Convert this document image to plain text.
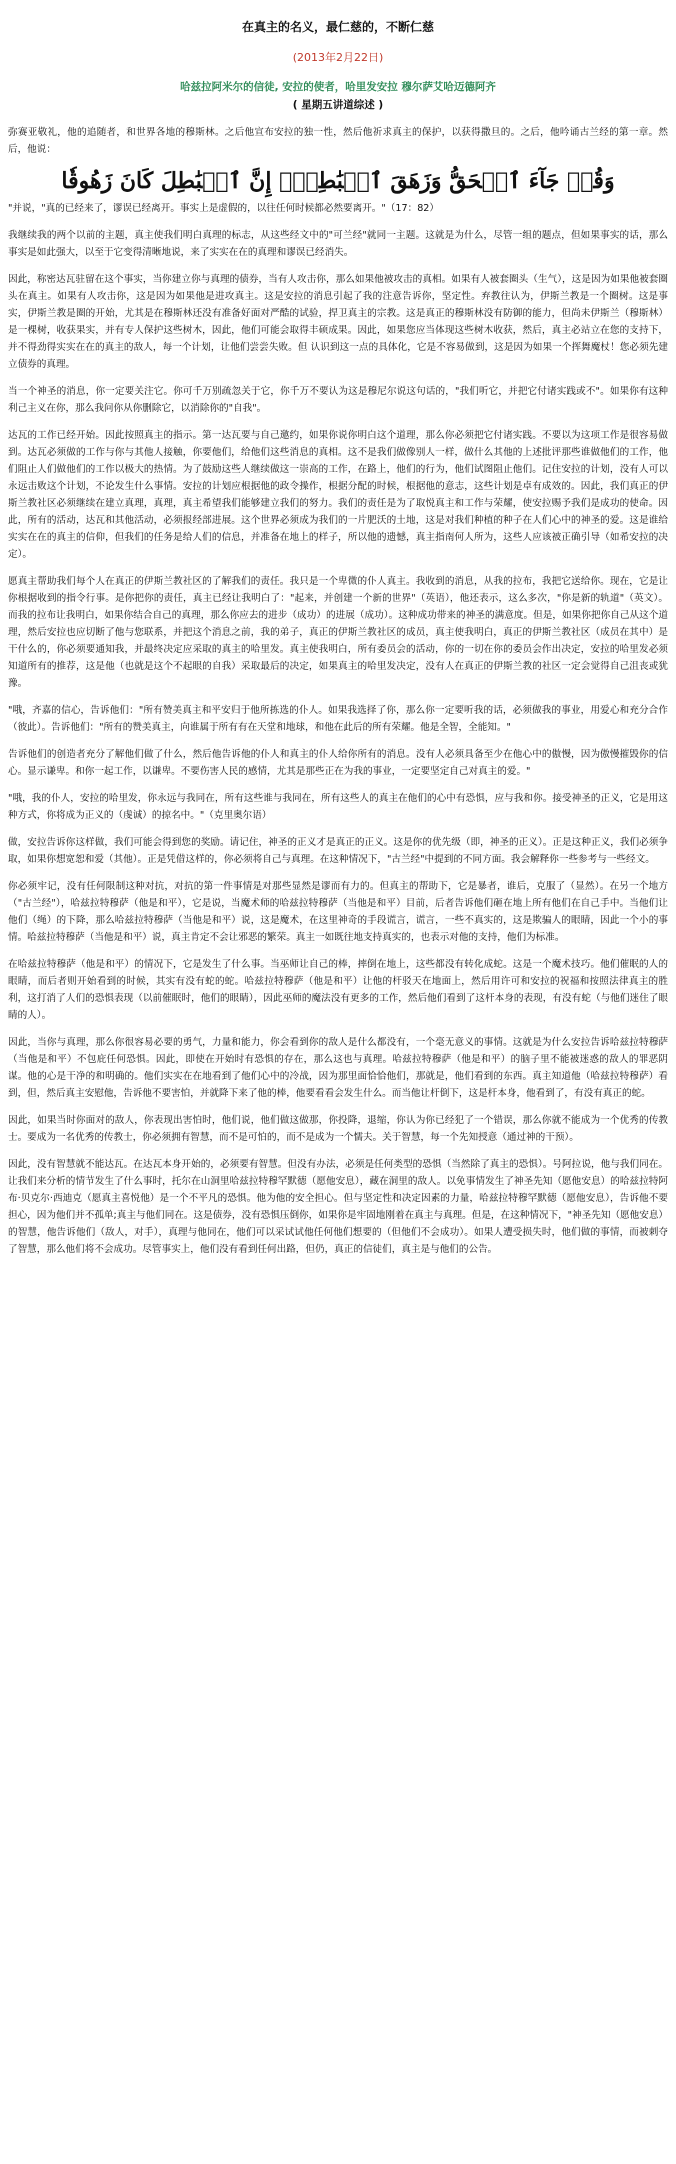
在真主的名义，最仁慈的，不断仁慈
(2013年2月22日)
哈兹拉阿米尔的信徒, 安拉的使者，哈里发安拉 穆尔萨艾哈迈德阿齐
( 星期五讲道综述 )

弥赛亚敬礼，他的追随者，和世界各地的穆斯林。之后他宣布安拉的独一性，然后他祈求真主的保护，以获得撒旦的。之后，他吟诵古兰经的第一章。然后，他说：

وَقُلۡ جَآءَ ٱلۡحَقُّ وَزَهَقَ ٱلۡبَٰطِلُۚ إِنَّ ٱلۡبَٰطِلَ كَانَ زَهُوقٗا

"并说，"真的已经来了，谬误已经离开。事实上是虚假的，以往任何时候都必然要离开。"（17：82）

我继续我的两个以前的主题，真主使我们明白真理的标志，从这些经文中的"可兰经"就同一主题。这就是为什么，尽管一组的题点，但如果事实的话，那么事实是如此强大，以至于它变得清晰地说，来了实实在在的真理和谬误已经消失。

因此，称密达瓦驻留在这个事实，当你建立你与真理的债券，当有人攻击你，那么如果他被攻击的真相。如果有人被套圈头（生气），这是因为如果他被套圈头在真主。如果有人攻击你，这是因为如果他是进攻真主。这是安拉的消息引起了我的注意告诉你，坚定性。弃教往认为，伊斯兰教是一个圈树。这是事实，伊斯兰教是圈的开始，尤其是在穆斯林还没有准备好面对严酷的试验，捍卫真主的宗教。这是真正的穆斯林没有防御的能力，但尚未伊斯兰（穆斯林）是一棵树，收获果实，并有专人保护这些树木，因此，他们可能会取得丰硕成果。因此，如果您应当体现这些树木收获，然后，真主必站立在您的支持下，并不得劲得实实在在的真主的敌人，每一个计划，让他们尝尝失败。但 认识到这一点的具体化，它是不容易做到，这是因为如果一个挥舞魔杖！您必须先建立债券的真理。

当一个神圣的消息，你一定要关注它。你可千万别疏忽关于它，你千万不要认为这是穆尼尔说这句话的，"我们听它，并把它付诸实践或不"。如果你有这种利己主义在你，那么我问你从你删除它，以消除你的"自我"。

达瓦的工作已经开始。因此按照真主的指示。第一达瓦要与自己邀约，如果你说你明白这个道理，那么你必须把它付诸实践。不要以为这项工作是很容易做到。达瓦必须做的工作与你与其他人接触，你要他们，给他们这些消息的真相。这不是我们做像别人一样，做什么其他的上述批评那些谁做他们的工作，他们阻止人们做他们的工作以极大的热情。为了鼓励这些人继续做这一崇高的工作，在路上，他们的行为，他们试图阻止他们。记住安拉的计划，没有人可以永远击败这个计划，不论发生什么事情。安拉的计划应根据他的政令操作，根据分配的时候，根据他的意志，这些计划是卓有成效的。因此，我们真正的伊斯兰教社区必须继续在建立真理，真理，真主希望我们能够建立我们的努力。我们的责任是为了取悦真主和工作与荣耀，使安拉赐予我们是成功的使命。因此，所有的活动，达瓦和其他活动，必须报经部进展。这个世界必须成为我们的一片肥沃的土地，这是对我们种植的种子在人们心中的神圣的爱。这是谁给实实在在的真主的信仰，但我们的任务是给人们的信息，并准备在地上的样子，所以他的遗憾，真主指南何人所为，这些人应该被正确引导（如希安拉的决定）。

愿真主帮助我们每个人在真正的伊斯兰教社区的了解我们的责任。我只是一个卑微的仆人真主。我收到的消息，从我的拉布，我把它送给你。现在，它是让你根据收到的指令行事。是你把你的责任，真主已经让我明白了："起来，并创建一个新的世界"（英语），他还表示，这么多次，"你是新的轨道"（英文）。而我的拉布让我明白，如果你结合自己的真理，那么你应去的进步（成功）的进展（成功）。这种成功带来的神圣的满意度。但是，如果你把你自己从这个道理，然后安拉也应切断了他与您联系，并把这个消息之前，我的弟子，真正的伊斯兰教社区的成员，真主使我明白，真正的伊斯兰教社区（成员在其中）是干什么的，你必须要通知我，并最终决定应采取的真主的哈里发。真主使我明白，所有委员会的活动，你的一切在你的委员会作出决定，安拉的哈里发必须知道所有的推荐，这是他（也就是这个不起眼的自我）采取最后的决定，如果真主的哈里发决定，没有人在真正的伊斯兰教的社区一定会觉得自己沮丧或犹豫。

"哦，齐嘉的信心，告诉他们："所有赞美真主和平安归于他所拣选的仆人。如果我选择了你，那么你一定要听我的话，必须做我的事业，用爱心和充分合作（彼此）。告诉他们："所有的赞美真主，向谁属于所有有在天堂和地球，和他在此后的所有荣耀。他是全智，全能知。"

告诉他们的创造者充分了解他们做了什么，然后他告诉他的仆人和真主的仆人给你所有的消息。没有人必须具备至少在他心中的傲慢，因为傲慢摧毁你的信心。显示谦卑。和你一起工作，以谦卑。不要伤害人民的感情，尤其是那些正在为我的事业，一定要坚定自己对真主的爱。"

"哦，我的仆人，安拉的哈里发，你永远与我同在，所有这些谁与我同在，所有这些人的真主在他们的心中有恐惧，应与我和你。接受神圣的正义，它是用这种方式，你将成为正义的（虔诚）的掠名中。"（克里奥尔语）

做，安拉告诉你这样做，我们可能会得到您的奖励。请记住，神圣的正义才是真正的正义。这是你的优先级（即，神圣的正义）。正是这种正义，我们必须争取，如果你想宽恕和爱（其他）。正是凭借这样的，你必须将自己与真理。在这种情况下，"古兰经"中提到的不同方面。我会解释你一些参考与一些经文。

你必须牢记，没有任何限制这种对抗，对抗的第一件事情是对那些显然是谬而有力的。但真主的帮助下，它是暴者，谁后，克服了（显然）。在另一个地方（"古兰经"），哈兹拉特穆萨（他是和平），它是说，当魔术师的哈兹拉特穆萨（当他是和平）目前，后者告诉他们砸在地上所有他们在自己手中。当他们让他们（绳）的下降，那么哈兹拉特穆萨（当他是和平）说，这是魔术，在这里神奇的手段谎言，谎言，一些不真实的，这是欺骗人的眼睛，因此一个小的事情。哈兹拉特穆萨（当他是和平）说，真主肯定不会让邪恶的繁荣。真主一如既往地支持真实的，也表示对他的支持，他们为标准。

在哈兹拉特穆萨（他是和平）的情况下，它是发生了什么事。当巫师让自己的棒，摔倒在地上，这些都没有转化成蛇。这是一个魔术技巧。他们催眠的人的眼睛，而后者则开始看到的时候，其实有没有蛇的蛇。哈兹拉特穆萨（他是和平）让他的杆驳天在地面上，然后用许可和安拉的祝福和按照法律真主的胜利，这打消了人们的恐惧表现（以前催眠时，他们的眼睛），因此巫师的魔法没有更多的工作，然后他们看到了这杆本身的表现，有没有蛇（与他们迷住了眼睛的人）。

因此，当你与真理，那么你很容易必要的勇气，力量和能力，你会看到你的敌人是什么都没有，一个毫无意义的事情。这就是为什么安拉告诉哈兹拉特穆萨（当他是和平）不包庇任何恐惧。因此，即使在开始时有恐惧的存在，那么这也与真理。哈兹拉特穆萨（他是和平）的脑子里不能被迷惑的敌人的罪恶阴谋。他的心是干净的和明确的。他们实实在在地看到了他们心中的冷战，因为那里面恰恰他们，那就是，他们看到的东西。真主知道他（哈兹拉特穆萨）看到，但，然后真主安慰他，告诉他不要害怕，并就降下来了他的棒，他要看看会发生什么。而当他让杆倒下，这是杆本身，他看到了，有没有真正的蛇。

因此，如果当时你面对的敌人，你表现出害怕时，他们说，他们做这做那，你投降，退缩，你认为你已经犯了一个错误，那么你就不能成为一个优秀的传教士。要成为一名优秀的传教士，你必须拥有智慧，而不是可怕的，而不是成为一个懦夫。关于智慧，每一个先知授意（通过神的干预）。

因此，没有智慧就不能达瓦。在达瓦本身开始的，必须要有智慧。但没有办法，必须是任何类型的恐惧（当然除了真主的恐惧）。号阿拉说，他与我们同在。让我们来分析的情节发生了什么事时，托尔在山洞里哈兹拉特穆罕默德（愿他安息），藏在洞里的敌人。以免事情发生了神圣先知（愿他安息）的哈兹拉特阿布·贝克尔·西迪克（愿真主喜悦他）是一个不平凡的恐惧。他为他的安全担心。但与坚定性和决定因素的力量，哈兹拉特穆罕默德（愿他安息），告诉他不要担心，因为他们并不孤单;真主与他们同在。这是债券，没有恐惧压倒你，如果你是牢固地刚着在真主与真理。但是，在这种情况下，"神圣先知（愿他安息）的智慧，他告诉他们（敌人，对手），真理与他同在，他们可以采试试他任何他们想要的（但他们不会成功）。如果人遭受损失时，他们做的事情，而被刺夺了智慧，那么他们将不会成功。尽管事实上，他们没有看到任何出路，但仍，真正的信徒们，真主是与他们的公告。
